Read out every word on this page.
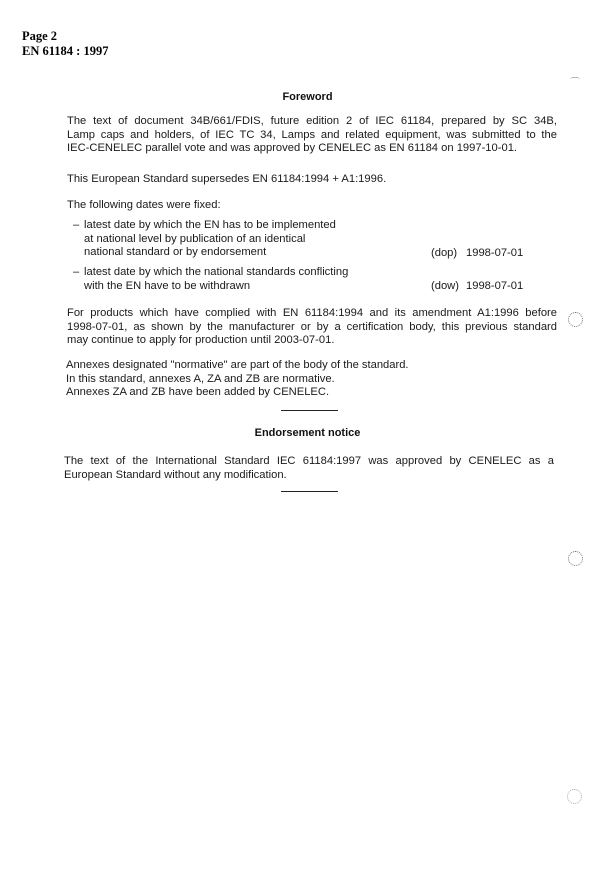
Page 2
EN 61184 : 1997
Foreword
The text of document 34B/661/FDIS, future edition 2 of IEC 61184, prepared by SC 34B,
Lamp caps and holders, of IEC TC 34, Lamps and related equipment, was submitted to the
IEC-CENELEC parallel vote and was approved by CENELEC as EN 61184 on 1997-10-01.
This European Standard supersedes EN 61184:1994 + A1:1996.
The following dates were fixed:
– latest date by which the EN has to be implemented
at national level by publication of an identical
national standard or by endorsement	(dop) 1998-07-01
– latest date by which the national standards conflicting
with the EN have to be withdrawn	(dow) 1998-07-01
For products which have complied with EN 61184:1994 and its amendment A1:1996 before
1998-07-01, as shown by the manufacturer or by a certification body, this previous standard
may continue to apply for production until 2003-07-01.
Annexes designated "normative" are part of the body of the standard.
In this standard, annexes A, ZA and ZB are normative.
Annexes ZA and ZB have been added by CENELEC.
Endorsement notice
The text of the International Standard IEC 61184:1997 was approved by CENELEC as a
European Standard without any modification.
⌒
